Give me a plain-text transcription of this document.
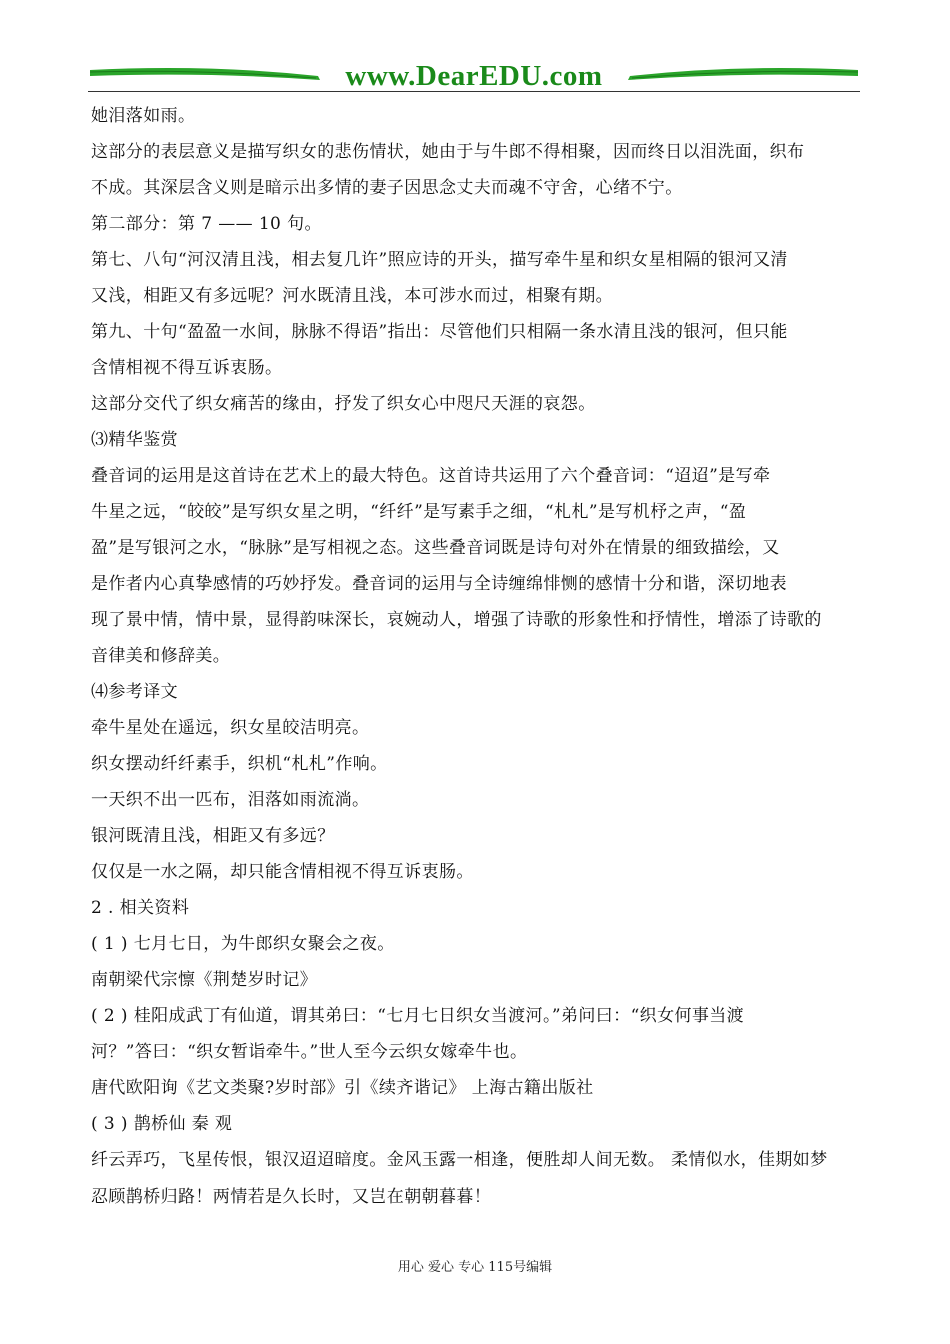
www.DearEDU.com
她泪落如雨。
这部分的表层意义是描写织女的悲伤情状，她由于与牛郎不得相聚，因而终日以泪洗面，织布
不成。其深层含义则是暗示出多情的妻子因思念丈夫而魂不守舍，心绪不宁。
第二部分：第 7 —— 10 句。
第七、八句“河汉清且浅，相去复几许”照应诗的开头，描写牵牛星和织女星相隔的银河又清
又浅，相距又有多远呢？河水既清且浅，本可涉水而过，相聚有期。
第九、十句“盈盈一水间，脉脉不得语”指出：尽管他们只相隔一条水清且浅的银河，但只能
含情相视不得互诉衷肠。
这部分交代了织女痛苦的缘由，抒发了织女心中咫尺天涯的哀怨。
⑶精华鉴赏
叠音词的运用是这首诗在艺术上的最大特色。这首诗共运用了六个叠音词：“迢迢”是写牵
牛星之远，“皎皎”是写织女星之明，“纤纤”是写素手之细，“札札”是写机杼之声，“盈
盈”是写银河之水，“脉脉”是写相视之态。这些叠音词既是诗句对外在情景的细致描绘，又
是作者内心真挚感情的巧妙抒发。叠音词的运用与全诗缠绵悱恻的感情十分和谐，深切地表
现了景中情，情中景，显得韵味深长，哀婉动人，增强了诗歌的形象性和抒情性，增添了诗歌的
音律美和修辞美。
⑷参考译文
牵牛星处在遥远，织女星皎洁明亮。
织女摆动纤纤素手，织机“札札”作响。
一天织不出一匹布，泪落如雨流淌。
银河既清且浅，相距又有多远？
仅仅是一水之隔，却只能含情相视不得互诉衷肠。
2 . 相关资料
( 1 ) 七月七日，为牛郎织女聚会之夜。
南朝梁代宗懔《荆楚岁时记》
( 2 ) 桂阳成武丁有仙道，谓其弟曰：“七月七日织女当渡河。”弟问曰：“织女何事当渡
河？”答曰：“织女暂诣牵牛。”世人至今云织女嫁牵牛也。
唐代欧阳询《艺文类聚?岁时部》引《续齐谐记》 上海古籍出版社
( 3 ) 鹊桥仙 秦 观
纤云弄巧，飞星传恨，银汉迢迢暗度。金风玉露一相逢，便胜却人间无数。 柔情似水，佳期如梦
忍顾鹊桥归路！两情若是久长时，又岂在朝朝暮暮！
用心 爱心 专心 115号编辑
